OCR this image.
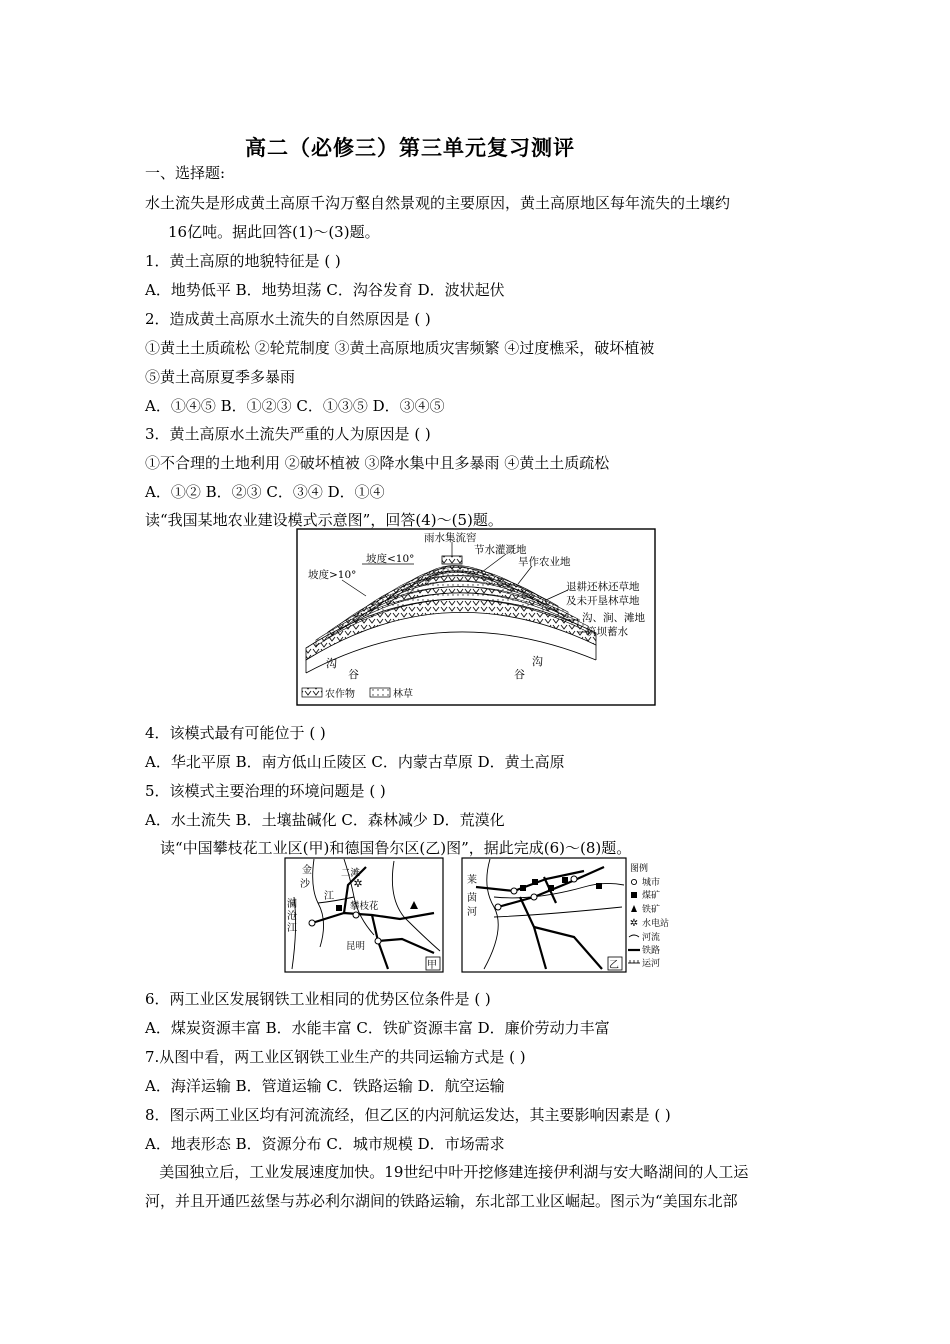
高二（必修三）第三单元复习测评
一、选择题:
水土流失是形成黄土高原千沟万壑自然景观的主要原因，黄土高原地区每年流失的土壤约
16亿吨。据此回答(1)～(3)题。
1．黄土高原的地貌特征是 ( )
A．地势低平 B．地势坦荡 C．沟谷发育 D．波状起伏
2．造成黄土高原水土流失的自然原因是 ( )
①黄土土质疏松 ②轮荒制度 ③黄土高原地质灾害频繁 ④过度樵采，破坏植被
⑤黄土高原夏季多暴雨
A．①④⑤ B．①②③ C．①③⑤ D．③④⑤
3．黄土高原水土流失严重的人为原因是 ( )
①不合理的土地利用 ②破坏植被 ③降水集中且多暴雨 ④黄土土质疏松
A．①② B．②③ C．③④ D．①④
读“我国某地农业建设模式示意图”，回答(4)～(5)题。
雨水集流窖
节水灌溉地
坡度<10°
坡度>10°
旱作农业地
退耕还林还草地
及未开垦林草地
沟、涧、滩地
筑坝蓄水
沟
谷	谷
沟
农作物	林草
4．该模式最有可能位于 ( )
A．华北平原 B．南方低山丘陵区 C．内蒙古草原 D．黄土高原
5．该模式主要治理的环境问题是 ( )
A．水土流失 B．土壤盐碱化 C．森林减少 D．荒漠化
读“中国攀枝花工业区(甲)和德国鲁尔区(乙)图”，据此完成(6)～(8)题。
✲
金
沙
江
澜
沧
江
二滩
攀枝花
昆明
甲
莱
茵
河
乙
图例
城市
煤矿
铁矿
✲ 水电站
河流
铁路
运河
6．两工业区发展钢铁工业相同的优势区位条件是 ( )
A．煤炭资源丰富 B．水能丰富 C．铁矿资源丰富 D．廉价劳动力丰富
7.从图中看，两工业区钢铁工业生产的共同运输方式是 ( )
A．海洋运输 B．管道运输 C．铁路运输 D．航空运输
8．图示两工业区均有河流流经，但乙区的内河航运发达，其主要影响因素是 ( )
A．地表形态 B．资源分布 C．城市规模 D．市场需求
美国独立后，工业发展速度加快。19世纪中叶开挖修建连接伊利湖与安大略湖间的人工运
河，并且开通匹兹堡与苏必利尔湖间的铁路运输，东北部工业区崛起。图示为“美国东北部
